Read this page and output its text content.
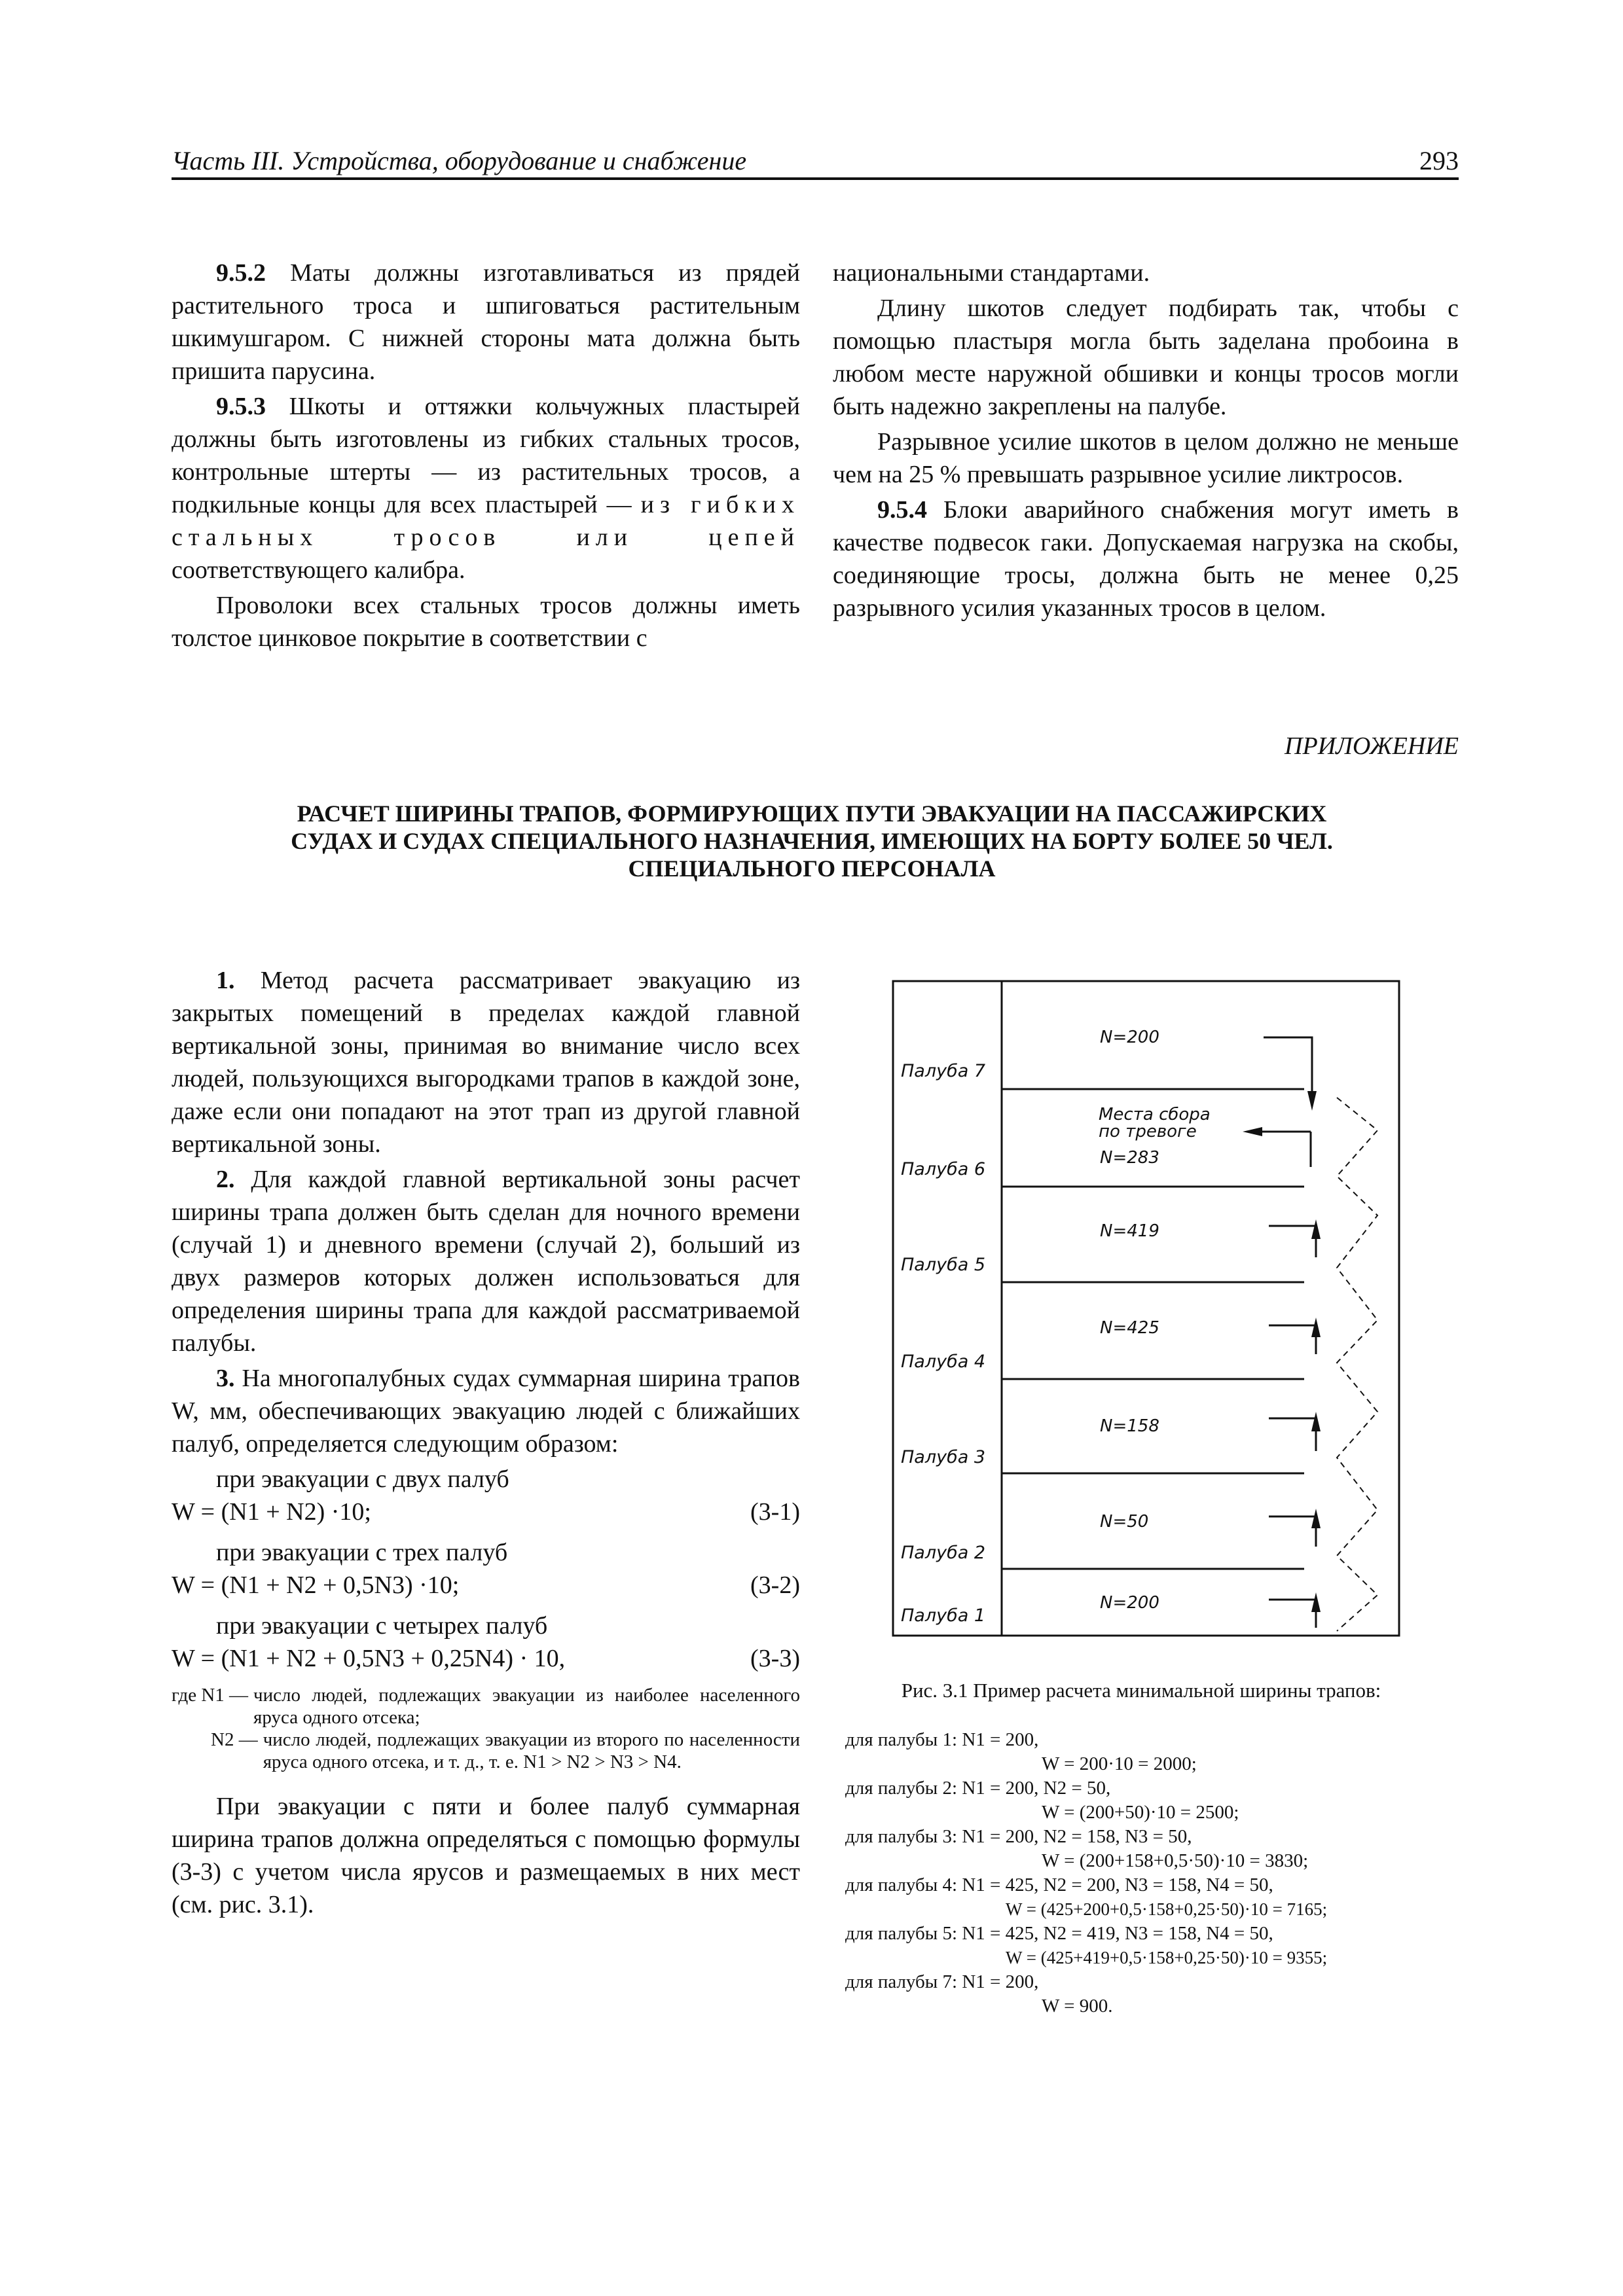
Часть III. Устройства, оборудование и снабжение	293

9.5.2 Маты должны изготавливаться из прядей растительного троса и шпиговаться растительным шкимушгаром. С нижней стороны мата должна быть пришита парусина.

9.5.3 Шкоты и оттяжки кольчужных пластырей должны быть изготовлены из гибких стальных тросов, контрольные штерты — из растительных тросов, а подкильные концы для всех пластырей — из гибких стальных тросов или цепей соответствующего калибра.

Проволоки всех стальных тросов должны иметь толстое цинковое покрытие в соответствии с

национальными стандартами.

Длину шкотов следует подбирать так, чтобы с помощью пластыря могла быть заделана пробоина в любом месте наружной обшивки и концы тросов могли быть надежно закреплены на палубе.

Разрывное усилие шкотов в целом должно не меньше чем на 25 % превышать разрывное усилие ликтросов.

9.5.4 Блоки аварийного снабжения могут иметь в качестве подвесок гаки. Допускаемая нагрузка на скобы, соединяющие тросы, должна быть не менее 0,25 разрывного усилия указанных тросов в целом.

ПРИЛОЖЕНИЕ
РАСЧЕТ ШИРИНЫ ТРАПОВ, ФОРМИРУЮЩИХ ПУТИ ЭВАКУАЦИИ НА ПАССАЖИРСКИХ
СУДАХ И СУДАХ СПЕЦИАЛЬНОГО НАЗНАЧЕНИЯ, ИМЕЮЩИХ НА БОРТУ БОЛЕЕ 50 ЧЕЛ.
СПЕЦИАЛЬНОГО ПЕРСОНАЛА

1. Метод расчета рассматривает эвакуацию из закрытых помещений в пределах каждой главной вертикальной зоны, принимая во внимание число всех людей, пользующихся выгородками трапов в каждой зоне, даже если они попадают на этот трап из другой главной вертикальной зоны.

2. Для каждой главной вертикальной зоны расчет ширины трапа должен быть сделан для ночного времени (случай 1) и дневного времени (случай 2), больший из двух размеров которых должен использоваться для определения ширины трапа для каждой рассматриваемой палубы.

3. На многопалубных судах суммарная ширина трапов W, мм, обеспечивающих эвакуацию людей с ближайших палуб, определяется следующим образом:

при эвакуации с двух палуб

W = (N1 + N2) ·10;	(3-1)

при эвакуации с трех палуб

W = (N1 + N2 + 0,5N3) ·10;	(3-2)

при эвакуации с четырех палуб

W = (N1 + N2 + 0,5N3 + 0,25N4) · 10,	(3-3)
где N1 — число людей, подлежащих эвакуации из наиболее населенного яруса одного отсека;
N2 — число людей, подлежащих эвакуации из второго по населенности яруса одного отсека, и т. д., т. е. N1 > N2 > N3 > N4.

При эвакуации с пяти и более палуб суммарная ширина трапов должна определяться с помощью формулы (3-3) с учетом числа ярусов и размещаемых в них мест (см. рис. 3.1).

Палуба 7
Палуба 6
Палуба 5
Палуба 4
Палуба 3
Палуба 2
Палуба 1
N=200
Места сбора
по тревоге
N=283
N=419
N=425
N=158
N=50
N=200
Рис. 3.1 Пример расчета минимальной ширины трапов:
для палубы 1: N1 = 200,
W = 200·10 = 2000;
для палубы 2: N1 = 200, N2 = 50,
W = (200+50)·10 = 2500;
для палубы 3: N1 = 200, N2 = 158, N3 = 50,
W = (200+158+0,5·50)·10 = 3830;
для палубы 4: N1 = 425, N2 = 200, N3 = 158, N4 = 50,
W = (425+200+0,5·158+0,25·50)·10 = 7165;
для палубы 5: N1 = 425, N2 = 419, N3 = 158, N4 = 50,
W = (425+419+0,5·158+0,25·50)·10 = 9355;
для палубы 7: N1 = 200,
W = 900.
